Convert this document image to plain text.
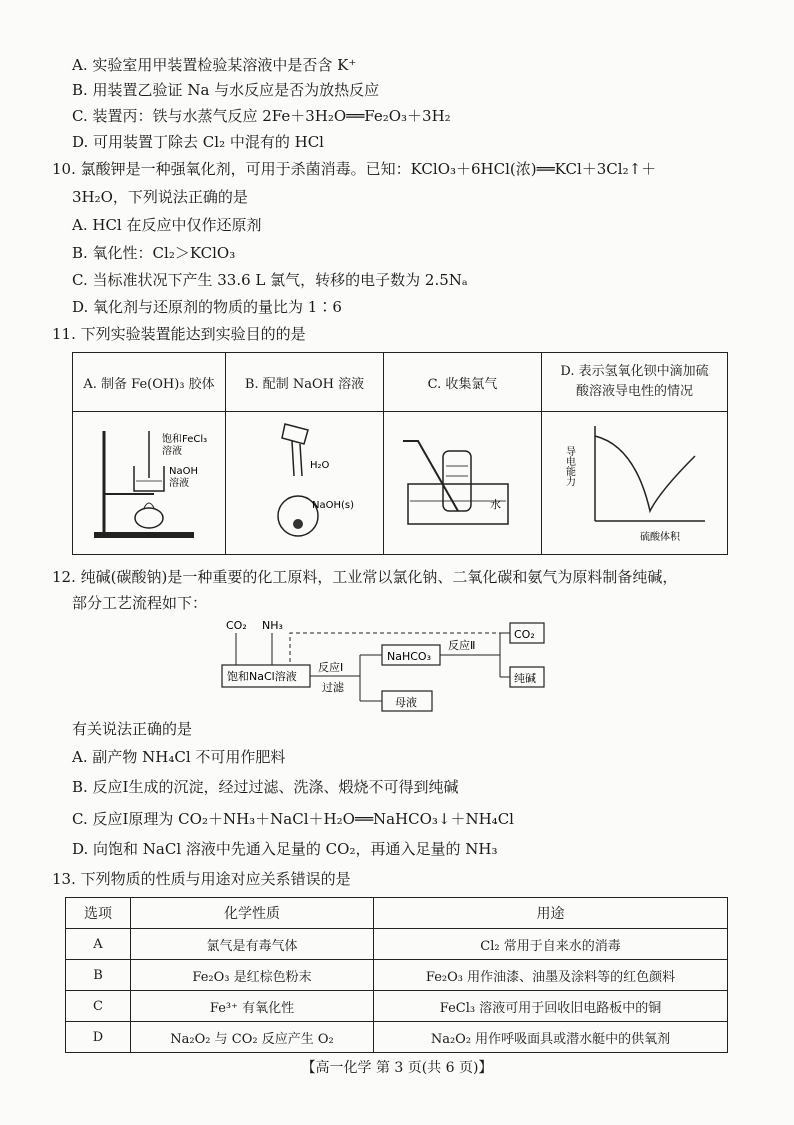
A. 实验室用甲装置检验某溶液中是否含 K⁺
B. 用装置乙验证 Na 与水反应是否为放热反应
C. 装置丙：铁与水蒸气反应 2Fe＋3H₂O══Fe₂O₃＋3H₂
D. 可用装置丁除去 Cl₂ 中混有的 HCl
10. 氯酸钾是一种强氧化剂，可用于杀菌消毒。已知：KClO₃＋6HCl(浓)══KCl＋3Cl₂↑＋
3H₂O，下列说法正确的是
A. HCl 在反应中仅作还原剂
B. 氧化性：Cl₂＞KClO₃
C. 当标准状况下产生 33.6 L 氯气，转移的电子数为 2.5Nₐ
D. 氧化剂与还原剂的物质的量比为 1∶6
11. 下列实验装置能达到实验目的的是
A. 制备 Fe(OH)₃ 胶体	B. 配制 NaOH 溶液	C. 收集氯气	D. 表示氢氧化钡中滴加硫
酸溶液导电性的情况

饱和FeCl₃
溶液
NaOH
溶液	H₂O
NaOH(s)	水	导电能力
硫酸体积
12. 纯碱(碳酸钠)是一种重要的化工原料，工业常以氯化钠、二氧化碳和氨气为原料制备纯碱，
部分工艺流程如下：
CO₂ NH₃
饱和NaCl溶液
反应Ⅰ
过滤
NaHCO₃
母液
反应Ⅱ
CO₂
纯碱
有关说法正确的是
A. 副产物 NH₄Cl 不可用作肥料
B. 反应Ⅰ生成的沉淀，经过过滤、洗涤、煅烧不可得到纯碱
C. 反应Ⅰ原理为 CO₂＋NH₃＋NaCl＋H₂O══NaHCO₃↓＋NH₄Cl
D. 向饱和 NaCl 溶液中先通入足量的 CO₂，再通入足量的 NH₃
13. 下列物质的性质与用途对应关系错误的是
选项	化学性质	用途
A	氯气是有毒气体	Cl₂ 常用于自来水的消毒
B	Fe₂O₃ 是红棕色粉末	Fe₂O₃ 用作油漆、油墨及涂料等的红色颜料
C	Fe³⁺ 有氧化性	FeCl₃ 溶液可用于回收旧电路板中的铜
D	Na₂O₂ 与 CO₂ 反应产生 O₂	Na₂O₂ 用作呼吸面具或潜水艇中的供氧剂
【高一化学 第 3 页(共 6 页)】
